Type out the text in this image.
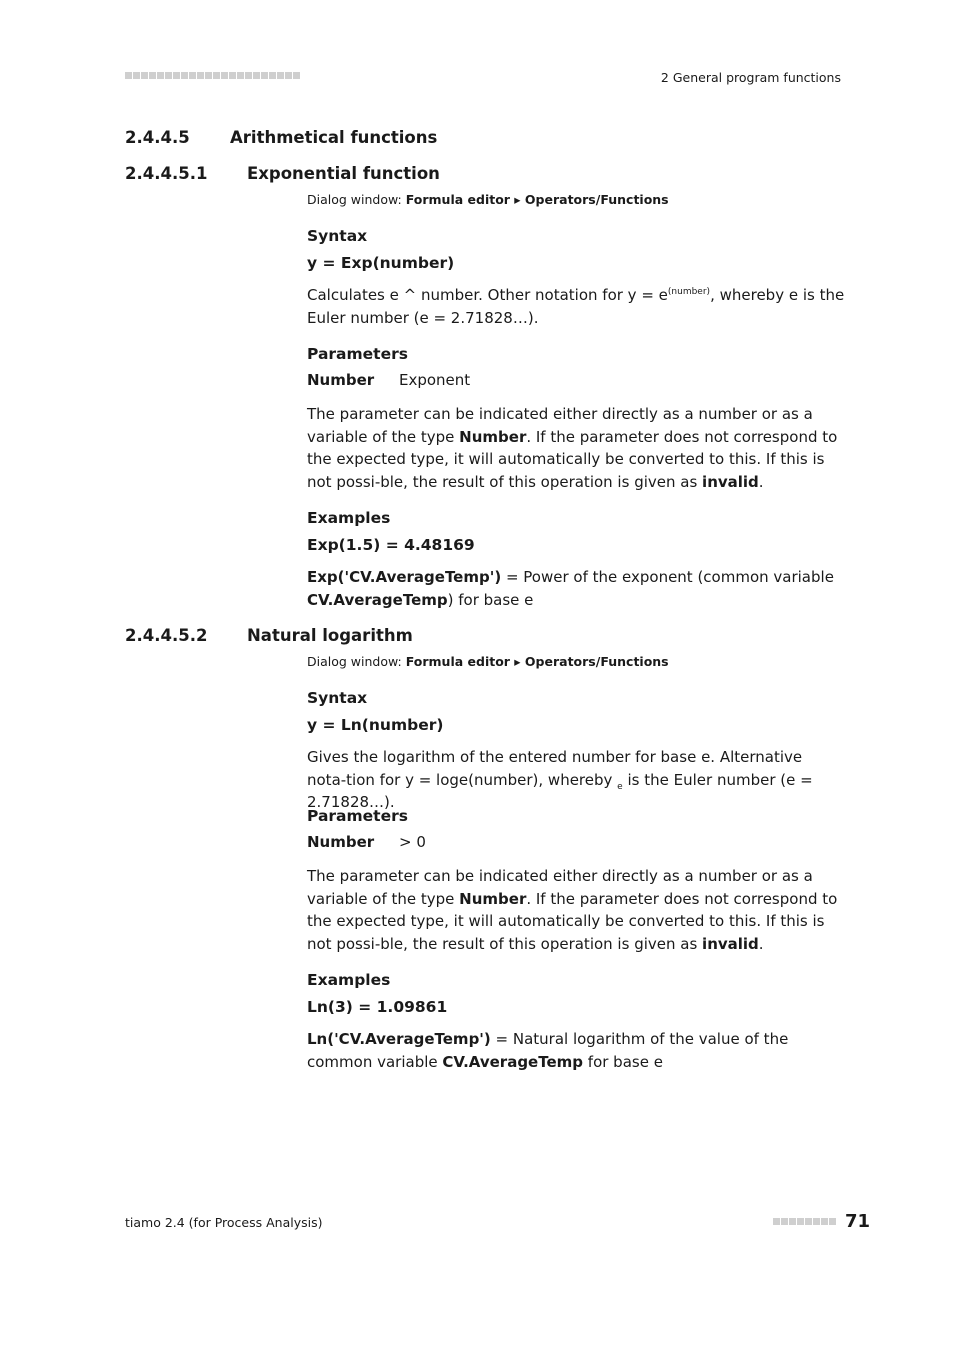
2 General program functions
2.4.4.5 Arithmetical functions
2.4.4.5.1 Exponential function
Dialog window: Formula editor ▸ Operators/Functions
Syntax
y = Exp(number)
Calculates e ^ number. Other notation for $y = e^{(number)}$, whereby e is the Euler number (e = 2.71828…).
Parameters
Number Exponent
The parameter can be indicated either directly as a number or as a variable of the type Number. If the parameter does not correspond to the expected type, it will automatically be converted to this. If this is not possi-ble, the result of this operation is given as invalid.
Examples
Exp(1.5) = 4.48169
Exp('CV.AverageTemp') = Power of the exponent (common variable CV.AverageTemp) for base e
2.4.4.5.2 Natural logarithm
Dialog window: Formula editor ▸ Operators/Functions
Syntax
y = Ln(number)
Gives the logarithm of the entered number for base e. Alternative nota-tion for y = loge(number), whereby $_e$ is the Euler number (e = 2.71828…).
Parameters
Number > 0
The parameter can be indicated either directly as a number or as a variable of the type Number. If the parameter does not correspond to the expected type, it will automatically be converted to this. If this is not possi-ble, the result of this operation is given as invalid.
Examples
Ln(3) = 1.09861
Ln('CV.AverageTemp') = Natural logarithm of the value of the common variable CV.AverageTemp for base e
tiamo 2.4 (for Process Analysis)	71
